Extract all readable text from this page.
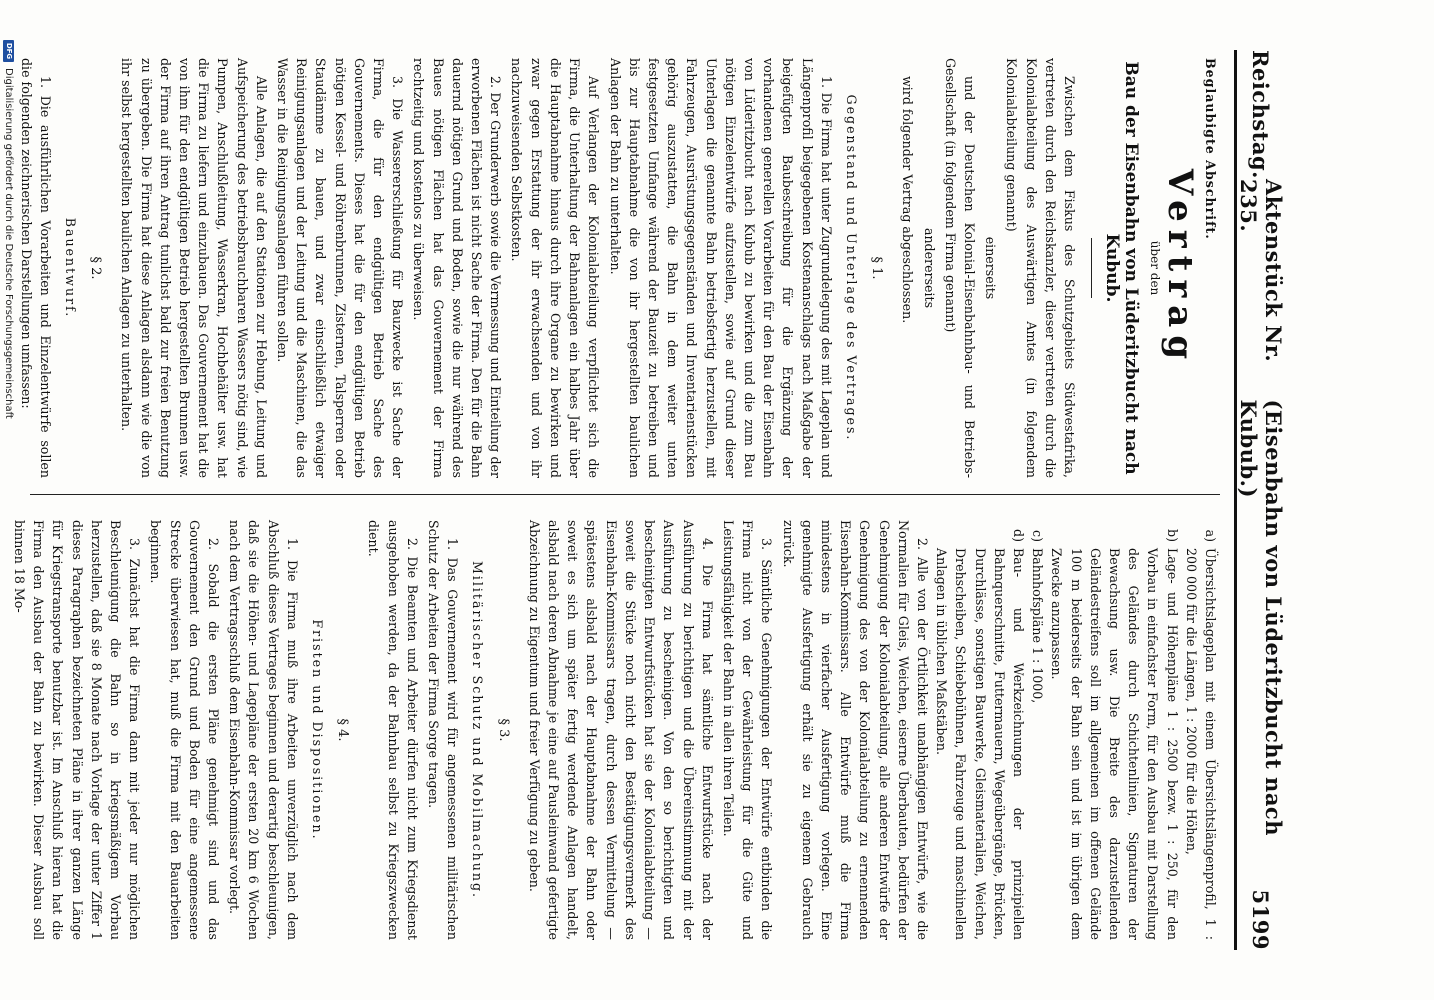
Reichstag.
Aktenstück Nr. 235.
(Eisenbahn von Lüderitzbucht nach Kubub.)
5199

Beglaubigte Abschrift.

Vertrag
über den
Bau der Eisenbahn von Lüderitzbucht nach Kubub.

Zwischen dem Fiskus des Schutzgebiets Südwestafrika, vertreten durch den Reichskanzler, dieser vertreten durch die Kolonialabteilung des Auswärtigen Amtes (in folgendem Kolonialabteilung genannt)

einerseits

und der Deutschen Kolonial-Eisenbahnbau- und Betriebs-Gesellschaft (in folgendem Firma genannt)

andererseits

wird folgender Vertrag abgeschlossen.

§ 1.
Gegenstand und Unterlage des Vertrages.

1. Die Firma hat unter Zugrundelegung des mit Lageplan und Längenprofil beigegebenen Kostenanschlags nach Maßgabe der beigefügten Baubeschreibung für die Ergänzung der vorhandenen generellen Vorarbeiten für den Bau der Eisenbahn von Lüderitzbucht nach Kubub zu bewirken und die zum Bau nötigen Einzelentwürfe aufzustellen, sowie auf Grund dieser Unterlagen die genannte Bahn betriebsfertig herzustellen, mit Fahrzeugen, Ausrüstungsgegenständen und Inventarienstücken gehörig auszustatten, die Bahn in dem weiter unten festgesetzten Umfange während der Bauzeit zu betreiben und bis zur Hauptabnahme die von ihr hergestellten baulichen Anlagen der Bahn zu unterhalten.

Auf Verlangen der Kolonialabteilung verpflichtet sich die Firma, die Unterhaltung der Bahnanlagen ein halbes Jahr über die Hauptabnahme hinaus durch ihre Organe zu bewirken und zwar gegen Erstattung der ihr erwachsenden und von ihr nachzuweisenden Selbstkosten.

2. Der Grunderwerb sowie die Vermessung und Einteilung der erworbenen Flächen ist nicht Sache der Firma. Den für die Bahn dauernd nötigen Grund und Boden, sowie die nur während des Baues nötigen Flächen hat das Gouvernement der Firma rechtzeitig und kostenlos zu überweisen.

3. Die Wassererschließung für Bauzwecke ist Sache der Firma, die für den endgültigen Betrieb Sache des Gouvernements. Dieses hat die für den endgültigen Betrieb nötigen Kessel- und Röhrenbrunnen, Zisternen, Talsperren oder Staudämme zu bauen, und zwar einschließlich etwaiger Reinigungsanlagen und der Leitung und die Maschinen, die das Wasser in die Reinigungsanlagen führen sollen.

Alle Anlagen, die auf den Stationen zur Hebung, Leitung und Aufspeicherung des betriebsbrauchbaren Wassers nötig sind, wie Pumpen, Anschlußleitung, Wasserkran, Hochbehälter usw. hat die Firma zu liefern und einzubauen. Das Gouvernement hat die von ihm für den endgültigen Betrieb hergestellten Brunnen usw. der Firma auf ihren Antrag tunlichst bald zur freien Benutzung zu übergeben. Die Firma hat diese Anlagen alsdann wie die von ihr selbst hergestellten baulichen Anlagen zu unterhalten.

§ 2.
Bauentwurf.

1. Die ausführlichen Vorarbeiten und Einzelentwürfe sollen die folgenden zeichnerischen Darstellungen umfassen:

a)
Übersichtslageplan mit einem Übersichtslängenprofil, 1 : 200 000 für die Längen, 1 : 2000 für die Höhen,
b)
Lage- und Höhenpläne 1 : 2500 bezw. 1 : 250, für den Vorbau in einfachster Form, für den Ausbau mit Darstellung des Geländes durch Schichtenlinien, Signaturen der Bewachsung usw. Die Breite des darzustellenden Geländestreifens soll im allgemeinen im offenen Gelände 100 m beiderseits der Bahn sein und ist im übrigen dem Zwecke anzupassen.
c)
Bahnhofspläne 1 : 1000,
d)
Bau- und Werkzeichnungen der prinzipiellen Bahnquerschnitte, Futtermauern, Wegeübergänge, Brücken, Durchlässe, sonstigen Bauwerke, Gleismaterialien, Weichen, Drehscheiben, Schiebebühnen, Fahrzeuge und maschinellen Anlagen in üblichen Maßstäben.

2. Alle von der Örtlichkeit unabhängigen Entwürfe, wie die Normalien für Gleis, Weichen, eiserne Überbauten, bedürfen der Genehmigung der Kolonialabteilung, alle anderen Entwürfe der Genehmigung des von der Kolonialabteilung zu ernennenden Eisenbahn-Kommissars. Alle Entwürfe muß die Firma mindestens in vierfacher Ausfertigung vorlegen. Eine genehmigte Ausfertigung erhält sie zu eigenem Gebrauch zurück.

3. Sämtliche Genehmigungen der Entwürfe entbinden die Firma nicht von der Gewährleistung für die Güte und Leistungsfähigkeit der Bahn in allen ihren Teilen.

4. Die Firma hat sämtliche Entwurfstücke nach der Ausführung zu berichtigen und die Übereinstimmung mit der Ausführung zu bescheinigen. Von den so berichtigten und bescheinigten Entwurfstücken hat sie der Kolonialabteilung — soweit die Stücke noch nicht den Bestätigungsvermerk des Eisenbahn-Kommissars tragen, durch dessen Vermittelung — spätestens alsbald nach der Hauptabnahme der Bahn oder soweit es sich um später fertig werdende Anlagen handelt, alsbald nach deren Abnahme je eine auf Pausleinwand gefertigte Abzeichnung zu Eigentum und freier Verfügung zu geben.

§ 3.
Militärischer Schutz und Mobilmachung.

1. Das Gouvernement wird für angemessenen militärischen Schutz der Arbeiten der Firma Sorge tragen.

2. Die Beamten und Arbeiter dürfen nicht zum Kriegsdienst ausgehoben werden, da der Bahnbau selbst zu Kriegszwecken dient.

§ 4.
Fristen und Dispositionen.

1. Die Firma muß ihre Arbeiten unverzüglich nach dem Abschluß dieses Vertrages beginnen und derartig beschleunigen, daß sie die Höhen- und Lagepläne der ersten 20 km 6 Wochen nach dem Vertragsschluß dem Eisenbahn-Kommissar vorlegt.

2. Sobald die ersten Pläne genehmigt sind und das Gouvernement den Grund und Boden für eine angemessene Strecke überwiesen hat, muß die Firma mit den Bauarbeiten beginnen.

3. Zunächst hat die Firma dann mit jeder nur möglichen Beschleunigung die Bahn so in kriegsmäßigem Vorbau herzustellen, daß sie 8 Monate nach Vorlage der unter Ziffer 1 dieses Paragraphen bezeichneten Pläne in ihrer ganzen Länge für Kriegstransporte benutzbar ist. Im Anschluß hieran hat die Firma den Ausbau der Bahn zu bewirken. Dieser Ausbau soll binnen 18 Mo-

DFG
Digitalisierung gefördert durch die Deutsche Forschungsgemeinschaft
